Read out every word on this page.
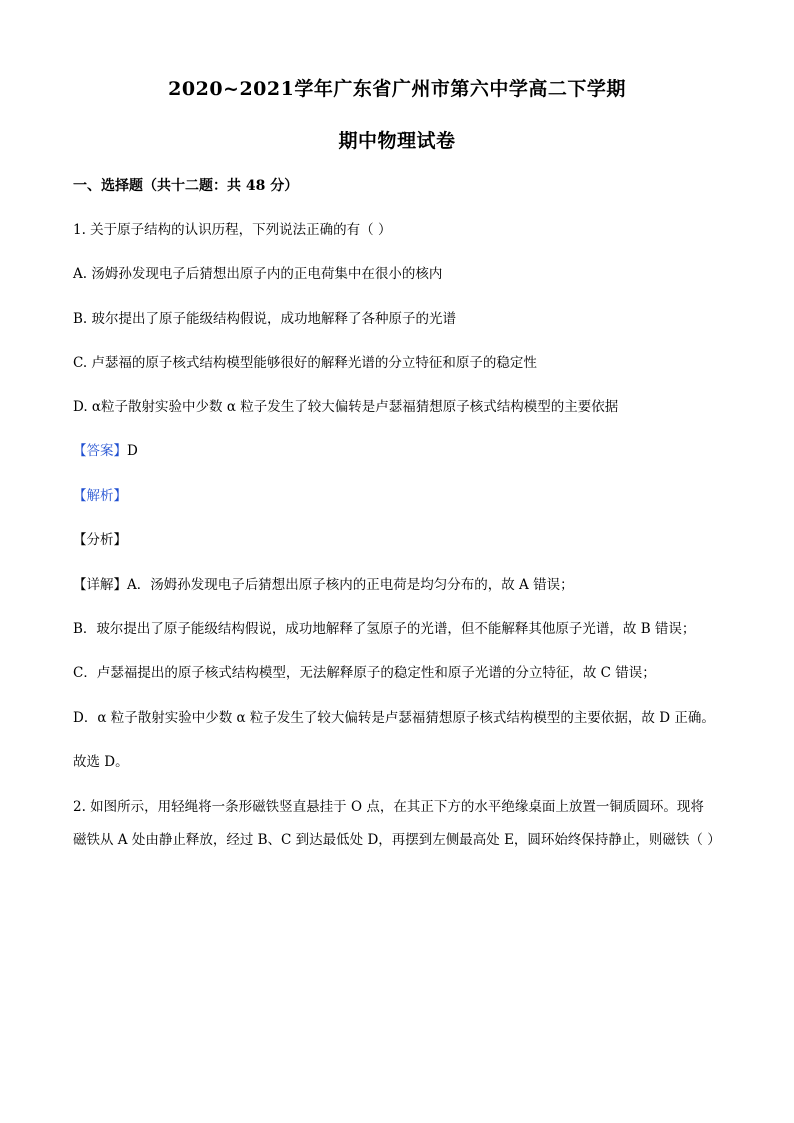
2020~2021学年广东省广州市第六中学高二下学期
期中物理试卷
一、选择题（共十二题：共 48 分）
1. 关于原子结构的认识历程，下列说法正确的有（ ）
A. 汤姆孙发现电子后猜想出原子内的正电荷集中在很小的核内
B. 玻尔提出了原子能级结构假说，成功地解释了各种原子的光谱
C. 卢瑟福的原子核式结构模型能够很好的解释光谱的分立特征和原子的稳定性
D. α粒子散射实验中少数 α 粒子发生了较大偏转是卢瑟福猜想原子核式结构模型的主要依据
【答案】D
【解析】
【分析】
【详解】A．汤姆孙发现电子后猜想出原子核内的正电荷是均匀分布的，故 A 错误；
B．玻尔提出了原子能级结构假说，成功地解释了氢原子的光谱，但不能解释其他原子光谱，故 B 错误；
C．卢瑟福提出的原子核式结构模型，无法解释原子的稳定性和原子光谱的分立特征，故 C 错误；
D．α 粒子散射实验中少数 α 粒子发生了较大偏转是卢瑟福猜想原子核式结构模型的主要依据，故 D 正确。
故选 D。
2. 如图所示，用轻绳将一条形磁铁竖直悬挂于 O 点，在其正下方的水平绝缘桌面上放置一铜质圆环。现将
磁铁从 A 处由静止释放，经过 B、C 到达最低处 D，再摆到左侧最高处 E，圆环始终保持静止，则磁铁（ ）
